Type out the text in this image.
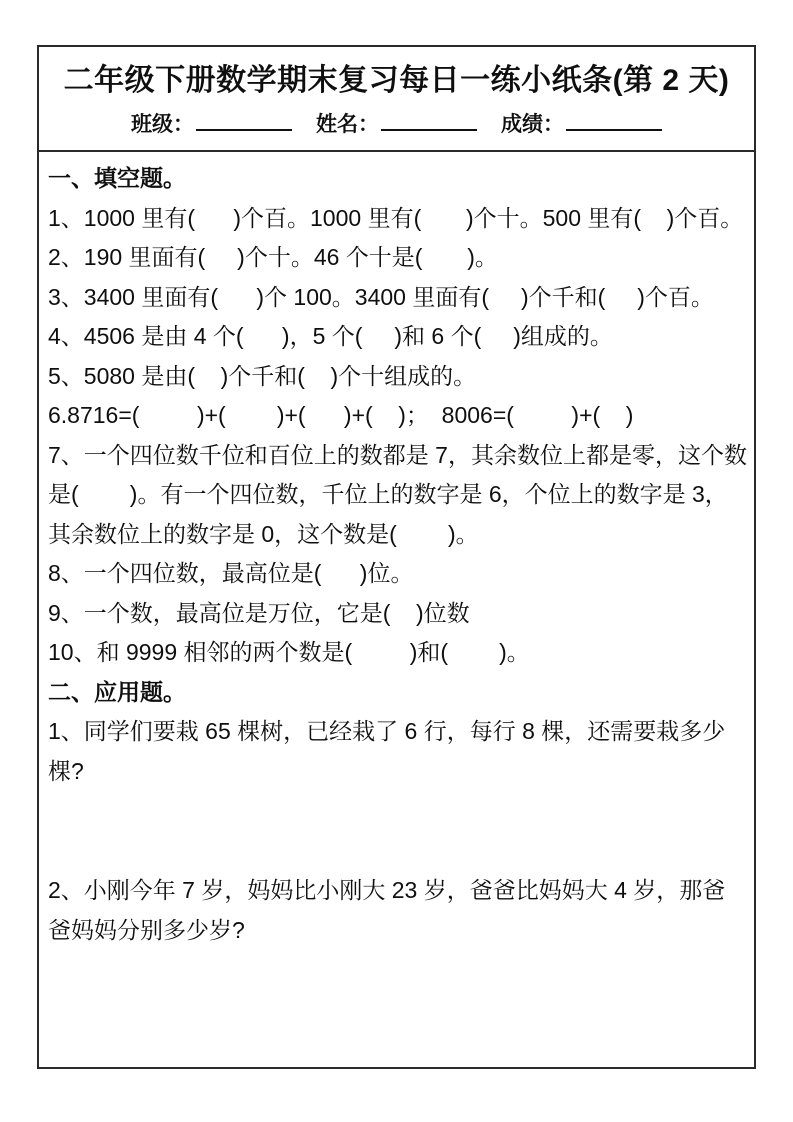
二年级下册数学期末复习每日一练小纸条(第 2 天)
班级：	姓名：	成绩：

一、填空题。

1、1000 里有(      )个百。1000 里有(       )个十。500 里有(    )个百。

2、190 里面有(     )个十。46 个十是(       )。

3、3400 里面有(      )个 100。3400 里面有(     )个千和(     )个百。

4、4506 是由 4 个(      )，5 个(     )和 6 个(     )组成的。

5、5080 是由(    )个千和(    )个十组成的。

6.8716=(         )+(        )+(      )+(    )；  8006=(         )+(    )

7、一个四位数千位和百位上的数都是 7，其余数位上都是零，这个数是(        )。有一个四位数，千位上的数字是 6，个位上的数字是 3，其余数位上的数字是 0，这个数是(        )。

8、一个四位数，最高位是(      )位。

9、一个数，最高位是万位，它是(    )位数

10、和 9999 相邻的两个数是(         )和(        )。

二、应用题。

1、同学们要栽 65 棵树，已经栽了 6 行，每行 8 棵，还需要栽多少棵?

2、小刚今年 7 岁，妈妈比小刚大 23 岁，爸爸比妈妈大 4 岁，那爸爸妈妈分别多少岁?
